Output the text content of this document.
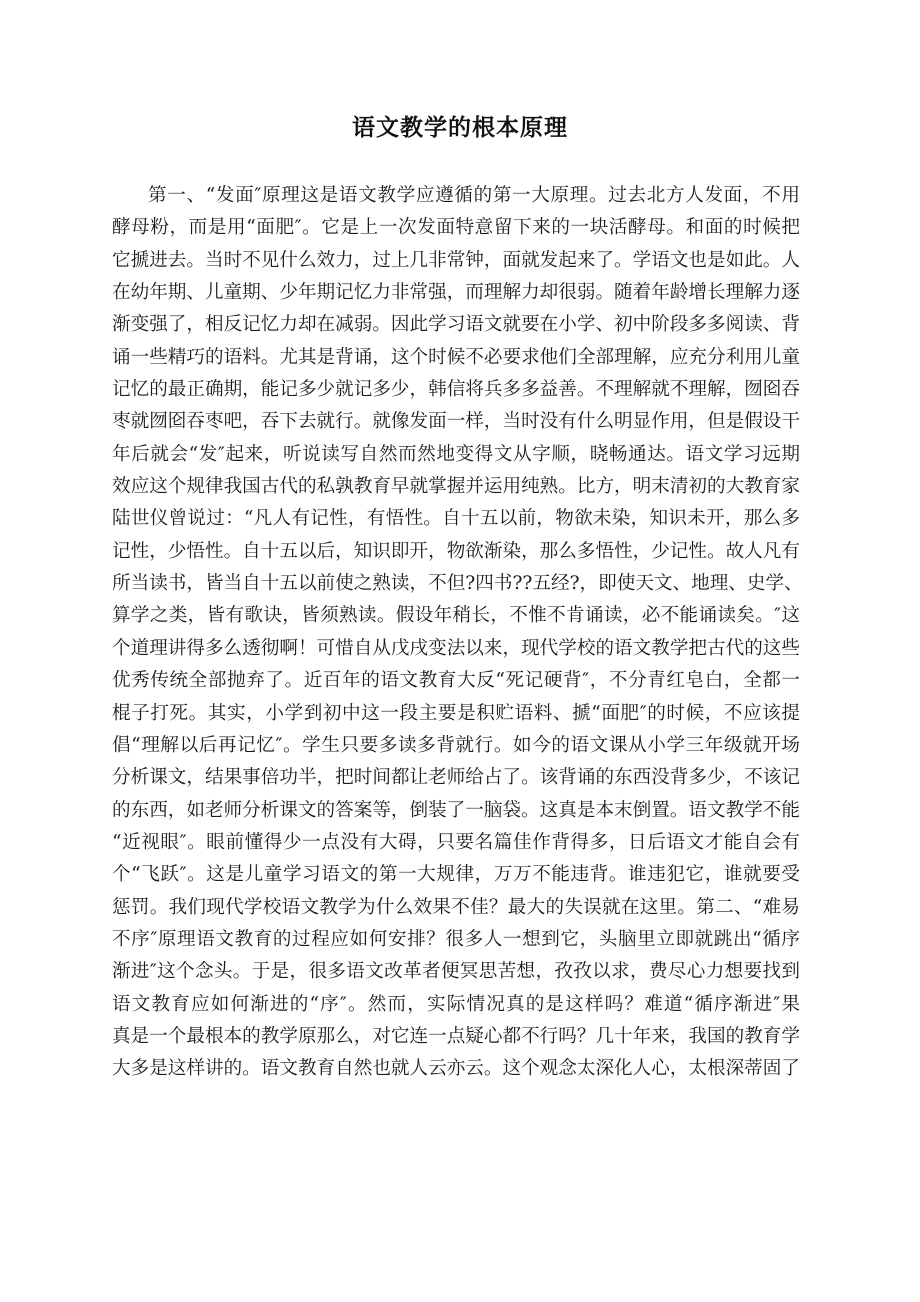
语文教学的根本原理
第一、“发面″原理这是语文教学应遵循的第一大原理。过去北方人发面，不用
酵母粉，而是用“面肥″。它是上一次发面特意留下来的一块活酵母。和面的时候把
它搋进去。当时不见什么效力，过上几非常钟，面就发起来了。学语文也是如此。人
在幼年期、儿童期、少年期记忆力非常强，而理解力却很弱。随着年龄增长理解力逐
渐变强了，相反记忆力却在减弱。因此学习语文就要在小学、初中阶段多多阅读、背
诵一些精巧的语料。尤其是背诵，这个时候不必要求他们全部理解，应充分利用儿童
记忆的最正确期，能记多少就记多少，韩信将兵多多益善。不理解就不理解，囫囵吞
枣就囫囵吞枣吧，吞下去就行。就像发面一样，当时没有什么明显作用，但是假设干
年后就会“发″起来，听说读写自然而然地变得文从字顺，晓畅通达。语文学习远期
效应这个规律我国古代的私孰教育早就掌握并运用纯熟。比方，明末清初的大教育家
陆世仪曾说过：“凡人有记性，有悟性。自十五以前，物欲未染，知识未开，那么多
记性，少悟性。自十五以后，知识即开，物欲渐染，那么多悟性，少记性。故人凡有
所当读书，皆当自十五以前使之熟读，不但?四书??五经?，即使天文、地理、史学、
算学之类，皆有歌诀，皆须熟读。假设年稍长，不惟不肯诵读，必不能诵读矣。″这
个道理讲得多么透彻啊！可惜自从戊戌变法以来，现代学校的语文教学把古代的这些
优秀传统全部抛弃了。近百年的语文教育大反“死记硬背″，不分青红皂白，全都一
棍子打死。其实，小学到初中这一段主要是积贮语料、搋“面肥″的时候，不应该提
倡“理解以后再记忆″。学生只要多读多背就行。如今的语文课从小学三年级就开场
分析课文，结果事倍功半，把时间都让老师给占了。该背诵的东西没背多少，不该记
的东西，如老师分析课文的答案等，倒装了一脑袋。这真是本末倒置。语文教学不能
“近视眼″。眼前懂得少一点没有大碍，只要名篇佳作背得多，日后语文才能自会有
个“飞跃″。这是儿童学习语文的第一大规律，万万不能违背。谁违犯它，谁就要受
惩罚。我们现代学校语文教学为什么效果不佳？最大的失误就在这里。第二、“难易
不序″原理语文教育的过程应如何安排？很多人一想到它，头脑里立即就跳出“循序
渐进″这个念头。于是，很多语文改革者便冥思苦想，孜孜以求，费尽心力想要找到
语文教育应如何渐进的“序″。然而，实际情况真的是这样吗？难道“循序渐进″果
真是一个最根本的教学原那么，对它连一点疑心都不行吗？几十年来，我国的教育学
大多是这样讲的。语文教育自然也就人云亦云。这个观念太深化人心，太根深蒂固了
